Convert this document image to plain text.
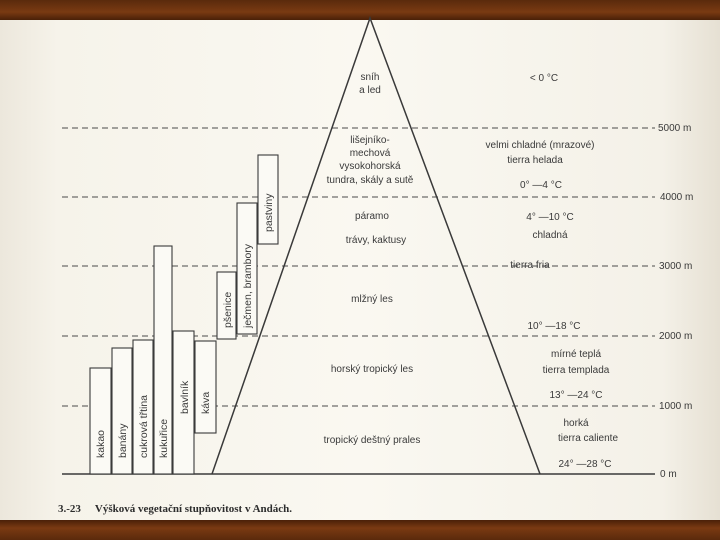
5000 m
4000 m
3000 m
2000 m
1000 m
0 m
kakao banány cukrová třtina kukuřice
bavlník káva
pšenice ječmen, brambory
pastviny
sníh
a led
lišejníko-
mechová
vysokohorská
tundra, skály a sutě
páramo
trávy, kaktusy
mlžný les
horský tropický les
tropický deštný prales
< 0 °C
velmi chladné (mrazové)
tierra helada
0° —4 °C
4° —10 °C
chladná
tierra fria
10° —18 °C
mírné teplá
tierra templada
13° —24 °C
horká
tierra caliente
24° —28 °C
3.-23 Výšková vegetační stupňovitost v Andách.
